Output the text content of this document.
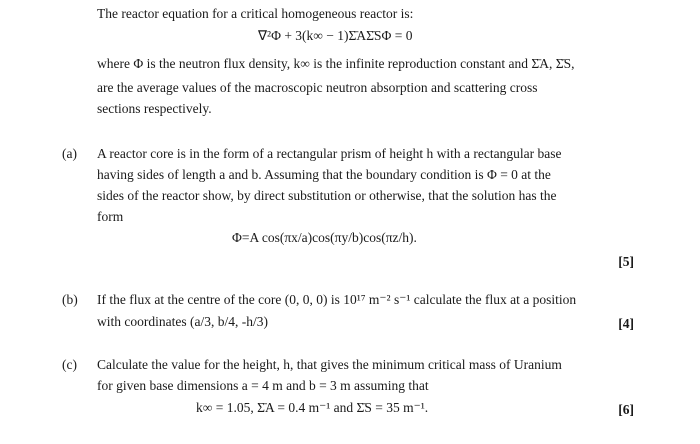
The reactor equation for a critical homogeneous reactor is:
∇²Φ + 3(k∞ − 1)Σ̄AΣ̄SΦ = 0
where Φ is the neutron flux density, k∞ is the infinite reproduction constant and Σ̄A, Σ̄S,
are the average values of the macroscopic neutron absorption and scattering cross
sections respectively.
(a) A reactor core is in the form of a rectangular prism of height h with a rectangular base
having sides of length a and b. Assuming that the boundary condition is Φ = 0 at the
sides of the reactor show, by direct substitution or otherwise, that the solution has the
form
Φ=A cos(πx/a)cos(πy/b)cos(πz/h).
[5]
(b) If the flux at the centre of the core (0, 0, 0) is 10¹⁷ m⁻² s⁻¹ calculate the flux at a position
with coordinates (a/3, b/4, -h/3)	[4]
(c) Calculate the value for the height, h, that gives the minimum critical mass of Uranium
for given base dimensions a = 4 m and b = 3 m assuming that
k∞ = 1.05, Σ̄A = 0.4 m⁻¹ and Σ̄S = 35 m⁻¹.	[6]
